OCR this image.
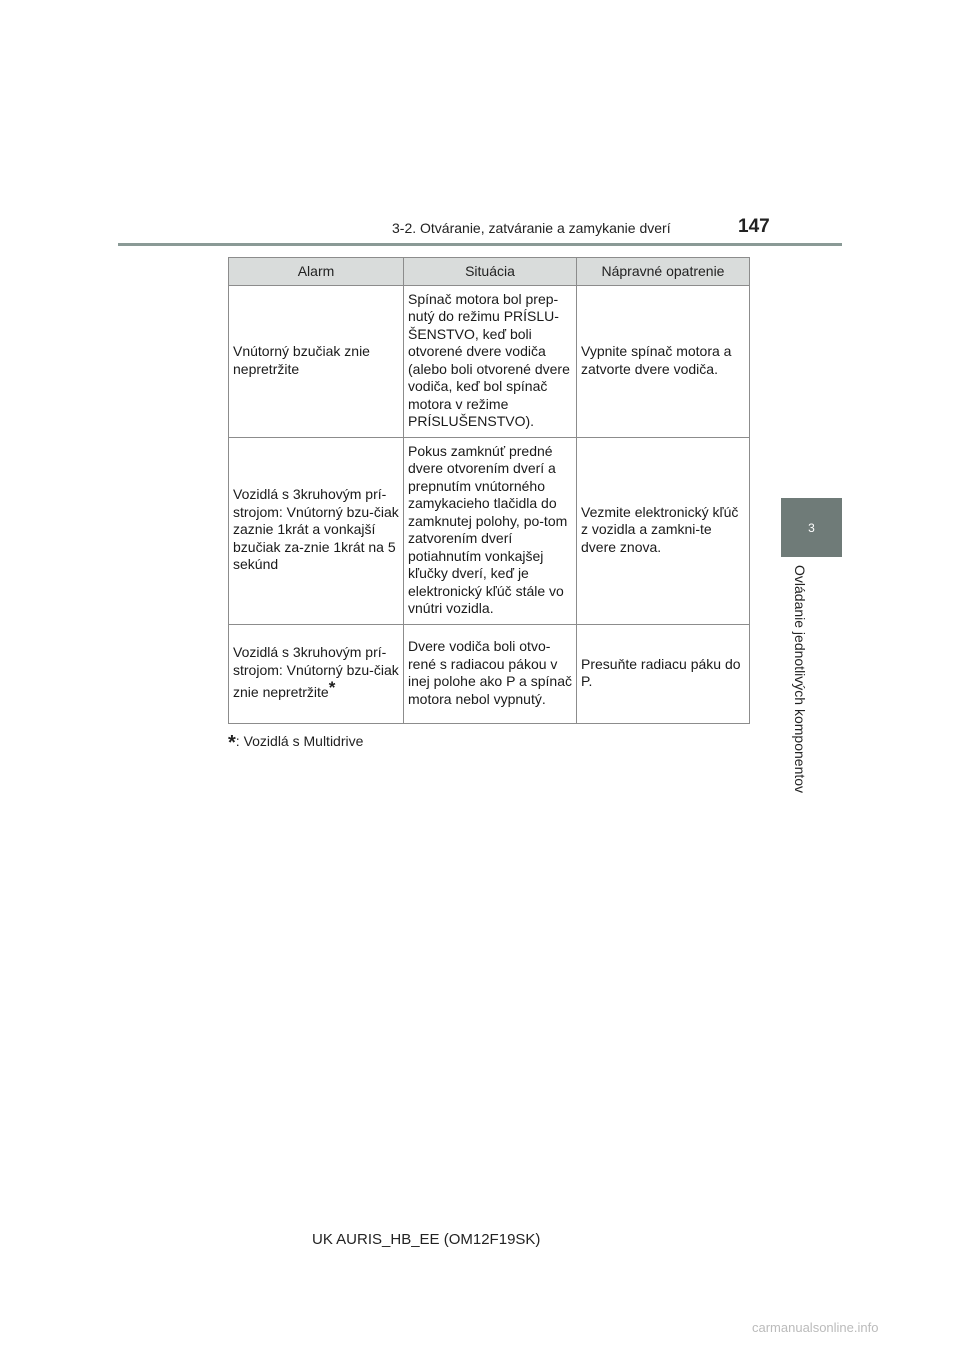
3-2. Otváranie, zatváranie a zamykanie dverí	147
3
Ovládanie jednotlivých komponentov
Alarm	Situácia	Nápravné opatrenie
Vnútorný bzučiak znie nepretržite	Spínač motora bol prep-nutý do režimu PRÍSLU-ŠENSTVO, keď boli otvorené dvere vodiča (alebo boli otvorené dvere vodiča, keď bol spínač motora v režime PRÍSLUŠENSTVO).	Vypnite spínač motora a zatvorte dvere vodiča.
Vozidlá s 3kruhovým prí-strojom: Vnútorný bzu-čiak zaznie 1krát a vonkajší bzučiak za-znie 1krát na 5 sekúnd	Pokus zamknúť predné dvere otvorením dverí a prepnutím vnútorného zamykacieho tlačidla do zamknutej polohy, po-tom zatvorením dverí potiahnutím vonkajšej kľučky dverí, keď je elektronický kľúč stále vo vnútri vozidla.	Vezmite elektronický kľúč z vozidla a zamkni-te dvere znova.
Vozidlá s 3kruhovým prí-strojom: Vnútorný bzu-čiak znie nepretržite*	Dvere vodiča boli otvo-rené s radiacou pákou v inej polohe ako P a spínač motora nebol vypnutý.	Presuňte radiacu páku do P.
*: Vozidlá s Multidrive
UK AURIS_HB_EE (OM12F19SK)
carmanualsonline.info
